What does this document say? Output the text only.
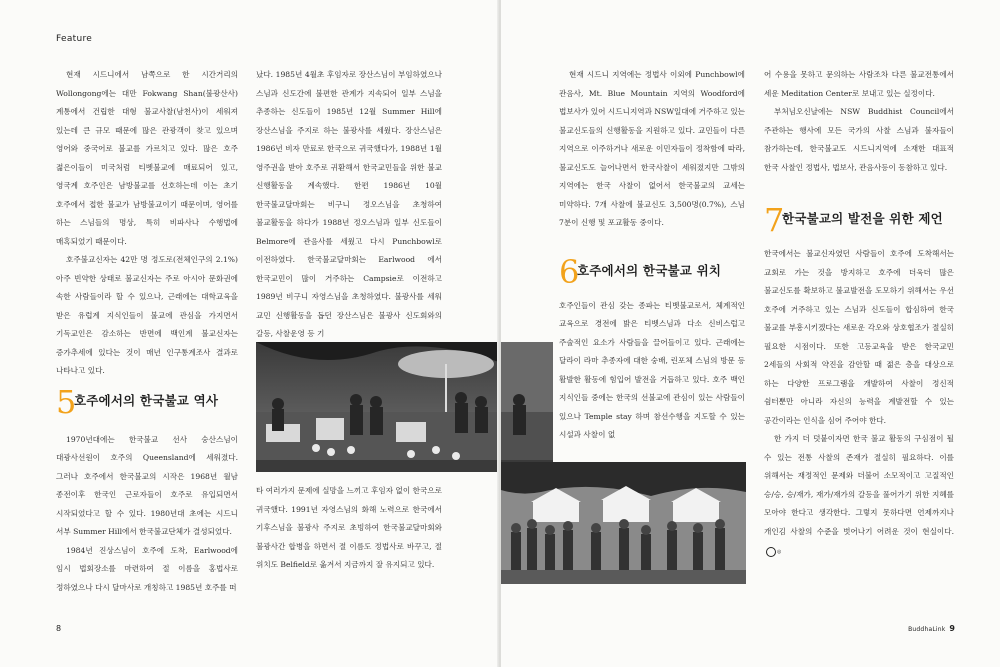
Feature

현재 시드니에서 남쪽으로 한 시간거리의 Wollongong에는 대만 Fokwang Shan(불광산사)계통에서 건립한 대형 불교사찰(남천사)이 세워져 있는데 큰 규모 때문에 많은 관광객이 찾고 있으며 영어와 중국어로 불교를 가르치고 있다. 많은 호주 젊은이들이 미국처럼 티벳불교에 매료되어 있고, 영국계 호주인은 남방불교를 선호하는데 이는 초기 호주에서 접한 불교가 남방불교이기 때문이며, 영어를 하는 스님들의 명상, 특히 비파사나 수행법에 매혹되었기 때문이다.

호주불교신자는 42만 명 정도로(전체인구의 2.1%) 아주 빈약한 상태로 불교신자는 주로 아시아 문화권에 속한 사람들이라 할 수 있으나, 근래에는 대학교육을 받은 유럽계 지식인들이 불교에 관심을 가지면서 기독교인은 감소하는 반면에 백인계 불교신자는 증가추세에 있다는 것이 매년 인구통계조사 결과로 나타나고 있다.

5
호주에서의 한국불교 역사

1970년대에는 한국불교 선사 숭산스님이 대광사선원이 호주의 Queensland에 세워졌다. 그러나 호주에서 한국불교의 시작은 1968년 월남 종전이후 한국인 근로자들이 호주로 유입되면서 시작되었다고 할 수 있다. 1980년대 초에는 시드니 서부 Summer Hill에서 한국불교단체가 결성되었다.

1984년 진상스님이 호주에 도착, Earlwood에 임시 법회장소를 마련하여 절 이름을 홍법사로 정하였으나 다시 달마사로 개칭하고 1985년 호주를 떠

났다. 1985년 4월초 후임자로 장산스님이 부임하였으나 스님과 신도간에 불편한 관계가 지속되어 일부 스님을 추종하는 신도들이 1985년 12월 Summer Hill에 장산스님을 주지로 하는 불광사를 세웠다. 장산스님은 1986년 비자 만료로 한국으로 귀국했다가, 1988년 1월 영주권을 받아 호주로 귀환해서 한국교민들을 위한 불교 신행활동을 계속했다. 한편 1986년 10월 한국불교달마회는 비구니 정오스님을 초청하여 불교활동을 하다가 1988년 정오스님과 일부 신도들이 Belmore에 관음사를 세웠고 다시 Punchbowl로 이전하였다. 한국불교달마회는 Earlwood 에서 한국교민이 많이 거주하는 Campsie로 이전하고 1989년 비구니 자영스님을 초청하였다. 불광사를 세워 교민 신행활동을 돕던 장산스님은 불광사 신도회와의 갈등, 사찰운영 등 기

타 여러가지 문제에 실망을 느끼고 후임자 없이 한국으로 귀국했다. 1991년 자영스님의 화해 노력으로 한국에서 기후스님을 불광사 주지로 초빙하여 한국불교달마회와 불광사간 합병을 하면서 절 이름도 정법사로 바꾸고, 절 위치도 Belfield로 옮겨서 지금까지 잘 유지되고 있다.

8

현재 시드니 지역에는 정법사 이외에 Punchbowl에 관음사, Mt. Blue Mountain 지역의 Woodford에 법보사가 있어 시드니지역과 NSW일대에 거주하고 있는 불교신도들의 신행활동을 지원하고 있다. 교민들이 다른 지역으로 이주하거나 새로운 이민자들이 정착함에 따라, 불교신도도 늘어나면서 한국사찰이 세워졌지만 그밖의 지역에는 한국 사찰이 없어서 한국불교의 교세는 미약하다. 7개 사찰에 불교신도 3,500명(0.7%), 스님 7분이 신행 및 포교활동 중이다.

6
호주에서의 한국불교 위치

호주인들이 관심 갖는 종파는 티벳불교로서, 체계적인 교육으로 경전에 밝은 티벳스님과 다소 신비스럽고 주술적인 요소가 사람들을 끌어들이고 있다. 근래에는 달라이 라마 추종자에 대한 숭배, 린포체 스님의 방문 등 활발한 활동에 힘입어 발전을 거듭하고 있다. 호주 백인 지식인들 중에는 한국의 선불교에 관심이 있는 사람들이 있으나 Temple stay 하며 참선수행을 지도할 수 있는 시설과 사찰이 없

어 수용을 못하고 문의하는 사람조차 다른 불교전통에서 세운 Meditation Center로 보내고 있는 실정이다.

부처님오신날에는 NSW Buddhist Council에서 주관하는 행사에 모든 국가의 사찰 스님과 불자들이 참가하는데, 한국불교도 시드니지역에 소재한 대표적 한국 사찰인 정법사, 법보사, 관음사등이 동참하고 있다.

7
한국불교의 발전을 위한 제언

한국에서는 불교신자였던 사람들이 호주에 도착해서는 교회로 가는 것을 방지하고 호주에 더욱더 많은 불교신도를 확보하고 불교발전을 도모하기 위해서는 우선 호주에 거주하고 있는 스님과 신도들이 합심하여 한국 불교를 부흥시키겠다는 새로운 각오와 상호협조가 절실히 필요한 시점이다. 또한 고등교육을 받은 한국교민 2세들의 사회적 약진을 감안할 때 젊은 층을 대상으로 하는 다양한 프로그램을 개발하여 사찰이 정신적 쉼터뿐만 아니라 자신의 능력을 계발전할 수 있는 공간이라는 인식을 심어 주어야 한다.

한 가지 더 덧붙이자면 한국 불교 활동의 구심점이 될 수 있는 전통 사찰의 존재가 절실히 필요하다. 이를 위해서는 재정적인 문제와 더불어 소모적이고 고질적인 승/승, 승/재가, 재가/재가의 갈등을 풀어가기 위한 지혜를 모아야 한다고 생각한다. 그렇지 못하다면 언제까지나 개인김 사찰의 수준을 벗어나기 어려운 것이 현실이다.◎

BuddhaLink 9
